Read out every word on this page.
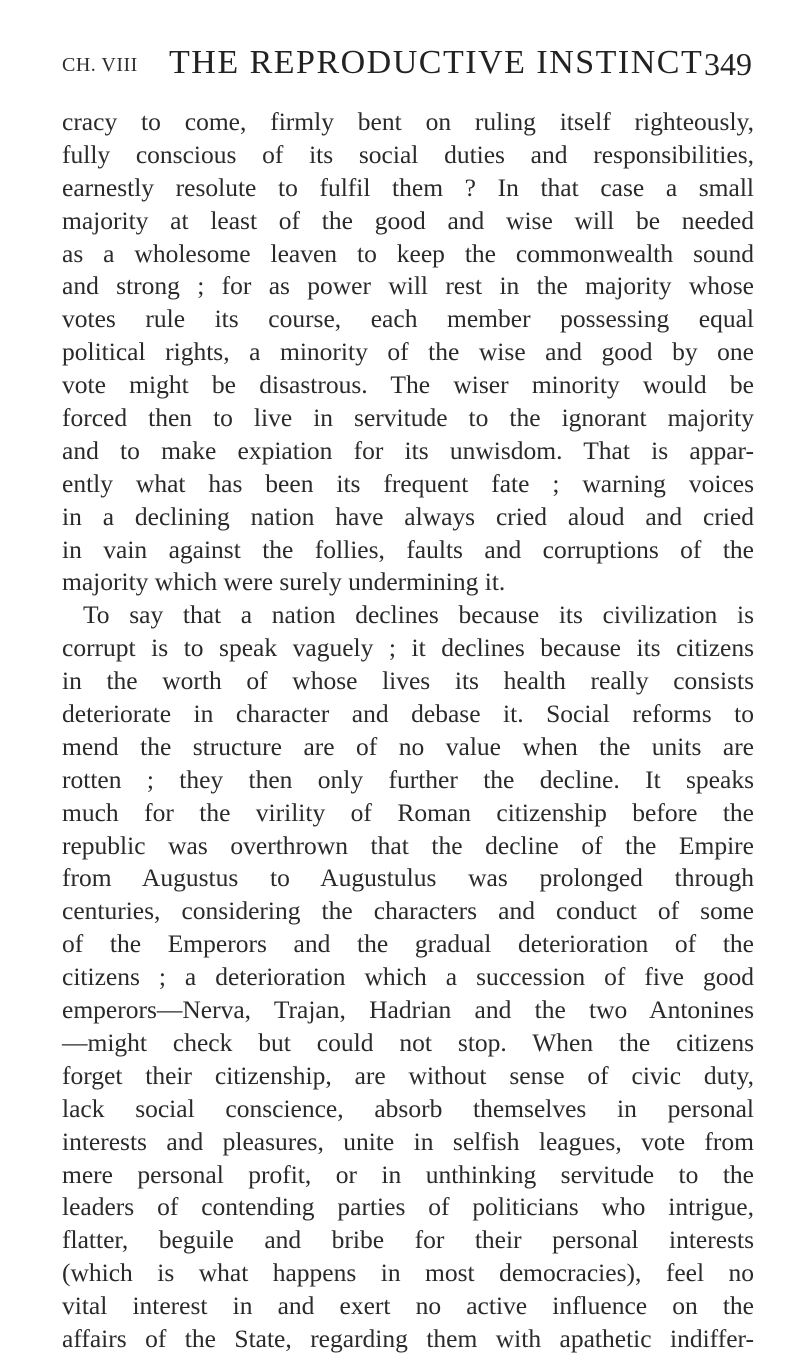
CH. VIII THE REPRODUCTIVE INSTINCT 349
cracy to come, firmly bent on ruling itself righteously,
fully conscious of its social duties and responsibilities,
earnestly resolute to fulfil them ? In that case a small
majority at least of the good and wise will be needed
as a wholesome leaven to keep the commonwealth sound
and strong ; for as power will rest in the majority whose
votes rule its course, each member possessing equal
political rights, a minority of the wise and good by one
vote might be disastrous. The wiser minority would be
forced then to live in servitude to the ignorant majority
and to make expiation for its unwisdom. That is appar-
ently what has been its frequent fate ; warning voices
in a declining nation have always cried aloud and cried
in vain against the follies, faults and corruptions of the
majority which were surely undermining it.
To say that a nation declines because its civilization is
corrupt is to speak vaguely ; it declines because its citizens
in the worth of whose lives its health really consists
deteriorate in character and debase it. Social reforms to
mend the structure are of no value when the units are
rotten ; they then only further the decline. It speaks
much for the virility of Roman citizenship before the
republic was overthrown that the decline of the Empire
from Augustus to Augustulus was prolonged through
centuries, considering the characters and conduct of some
of the Emperors and the gradual deterioration of the
citizens ; a deterioration which a succession of five good
emperors—Nerva, Trajan, Hadrian and the two Antonines
—might check but could not stop. When the citizens
forget their citizenship, are without sense of civic duty,
lack social conscience, absorb themselves in personal
interests and pleasures, unite in selfish leagues, vote from
mere personal profit, or in unthinking servitude to the
leaders of contending parties of politicians who intrigue,
flatter, beguile and bribe for their personal interests
(which is what happens in most democracies), feel no
vital interest in and exert no active influence on the
affairs of the State, regarding them with apathetic indiffer-
